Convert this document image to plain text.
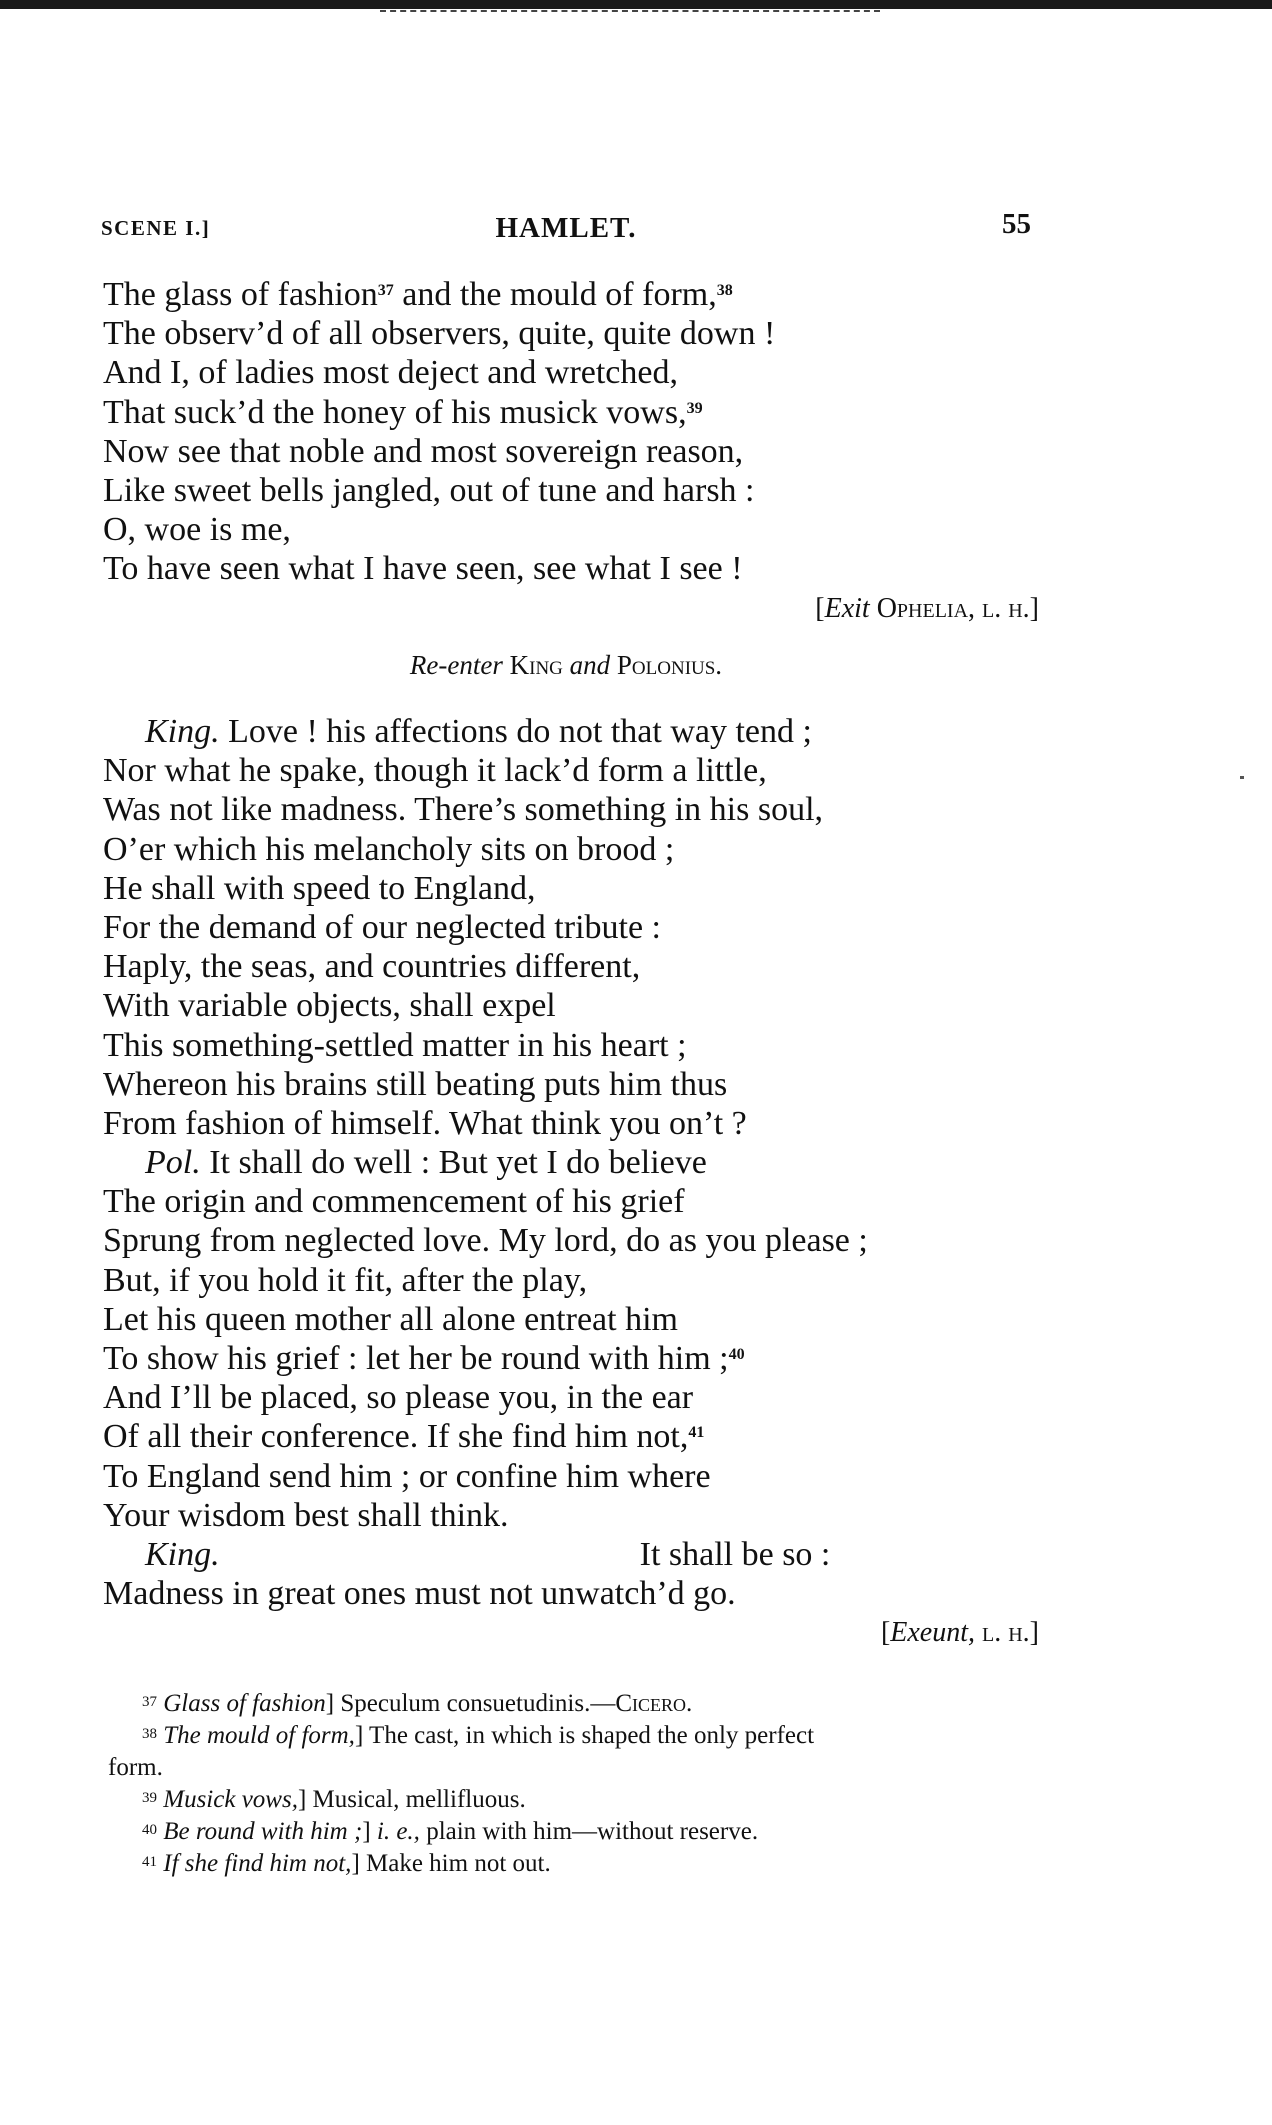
SCENE I.]	HAMLET.	55
The glass of fashion$^{37}$ and the mould of form,$^{38}$
The observ’d of all observers, quite, quite down !
And I, of ladies most deject and wretched,
That suck’d the honey of his musick vows,$^{39}$
Now see that noble and most sovereign reason,
Like sweet bells jangled, out of tune and harsh :
O, woe is me,
To have seen what I have seen, see what I see !
[Exit Ophelia, l. h.]
Re-enter King and Polonius.
King. Love ! his affections do not that way tend ;
Nor what he spake, though it lack’d form a little,
Was not like madness. There’s something in his soul,
O’er which his melancholy sits on brood ;
He shall with speed to England,
For the demand of our neglected tribute :
Haply, the seas, and countries different,
With variable objects, shall expel
This something-settled matter in his heart ;
Whereon his brains still beating puts him thus
From fashion of himself. What think you on’t ?
Pol. It shall do well : But yet I do believe
The origin and commencement of his grief
Sprung from neglected love. My lord, do as you please ;
But, if you hold it fit, after the play,
Let his queen mother all alone entreat him
To show his grief : let her be round with him ;$^{40}$
And I’ll be placed, so please you, in the ear
Of all their conference. If she find him not,$^{41}$
To England send him ; or confine him where
Your wisdom best shall think.
King.	It shall be so :
Madness in great ones must not unwatch’d go.
[Exeunt, l. h.]
$^{37}$ Glass of fashion] Speculum consuetudinis.—Cicero.
$^{38}$ The mould of form,] The cast, in which is shaped the only perfect
form.
$^{39}$ Musick vows,] Musical, mellifluous.
$^{40}$ Be round with him ;] i. e., plain with him—without reserve.
$^{41}$ If she find him not,] Make him not out.
